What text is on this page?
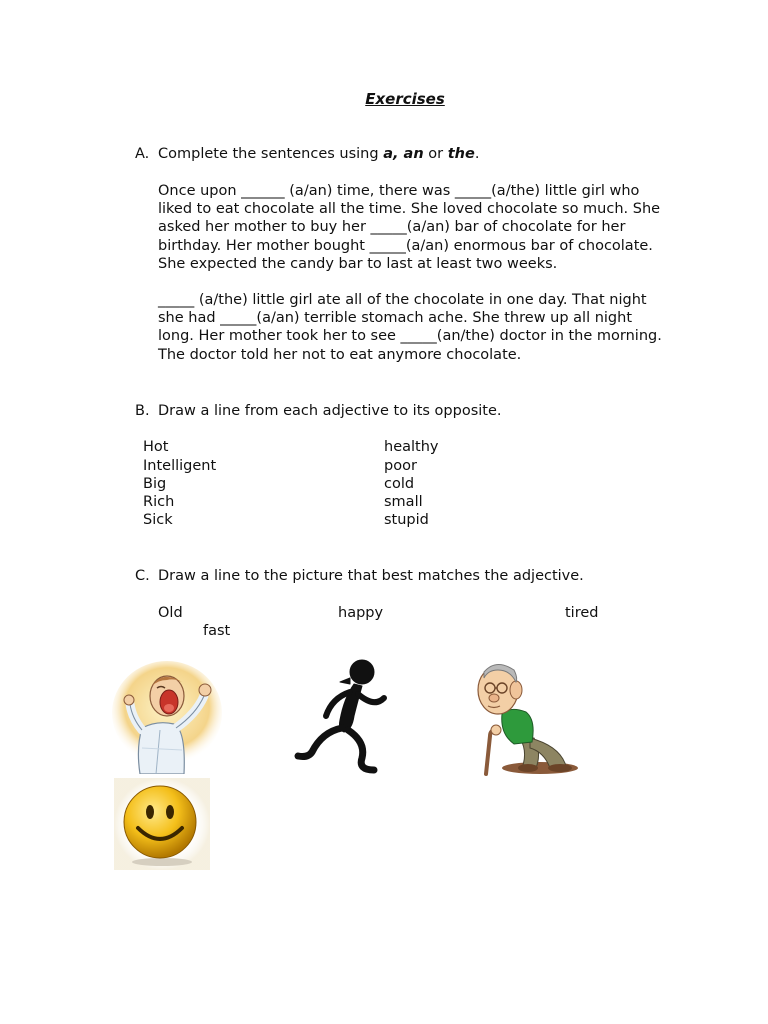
Exercises
A. Complete the sentences using a, an or the.
Once upon ______ (a/an) time, there was _____(a/the) little girl who
liked to eat chocolate all the time. She loved chocolate so much. She
asked her mother to buy her _____(a/an) bar of chocolate for her
birthday. Her mother bought _____(a/an) enormous bar of chocolate.
She expected the candy bar to last at least two weeks.
_____ (a/the) little girl ate all of the chocolate in one day. That night
she had _____(a/an) terrible stomach ache. She threw up all night
long. Her mother took her to see _____(an/the) doctor in the morning.
The doctor told her not to eat anymore chocolate.
B. Draw a line from each adjective to its opposite.
Hot
Intelligent
Big
Rich
Sick
healthy
poor
cold
small
stupid
C. Draw a line to the picture that best matches the adjective.
Old	happy	tired
fast
